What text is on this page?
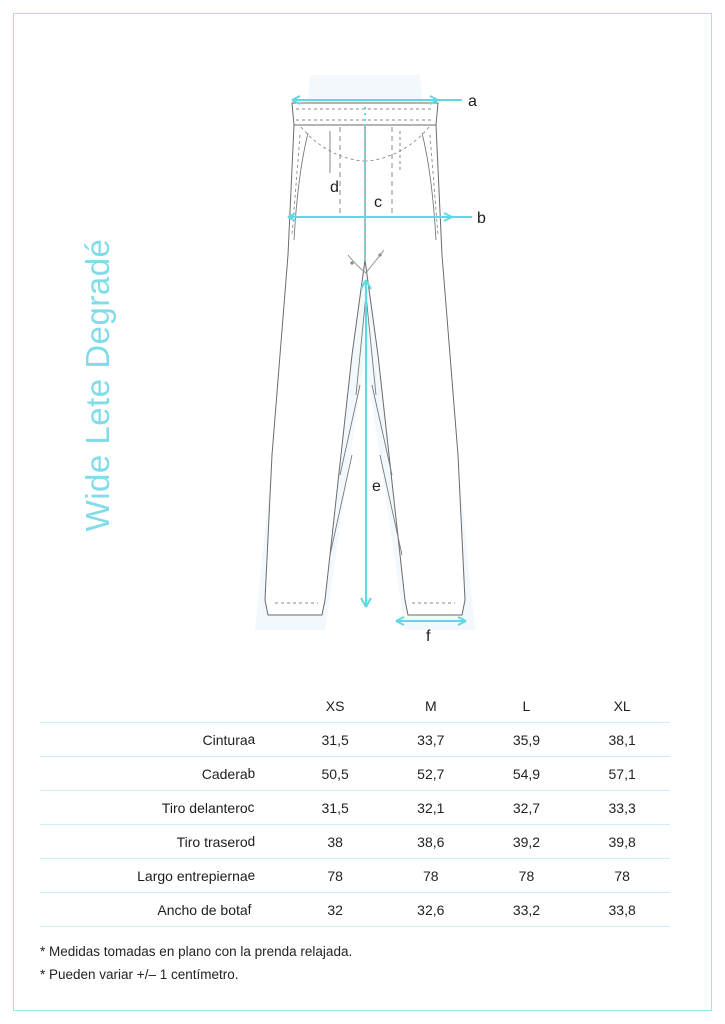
Wide Lete Degradé
a
b
c
d
e
f
		XS	M	L	XL
Cintura	a	31,5	33,7	35,9	38,1
Cadera	b	50,5	52,7	54,9	57,1
Tiro delantero	c	31,5	32,1	32,7	33,3
Tiro trasero	d	38	38,6	39,2	39,8
Largo entrepierna	e	78	78	78	78
Ancho de bota	f	32	32,6	33,2	33,8
* Medidas tomadas en plano con la prenda relajada.
* Pueden variar +/– 1 centímetro.
